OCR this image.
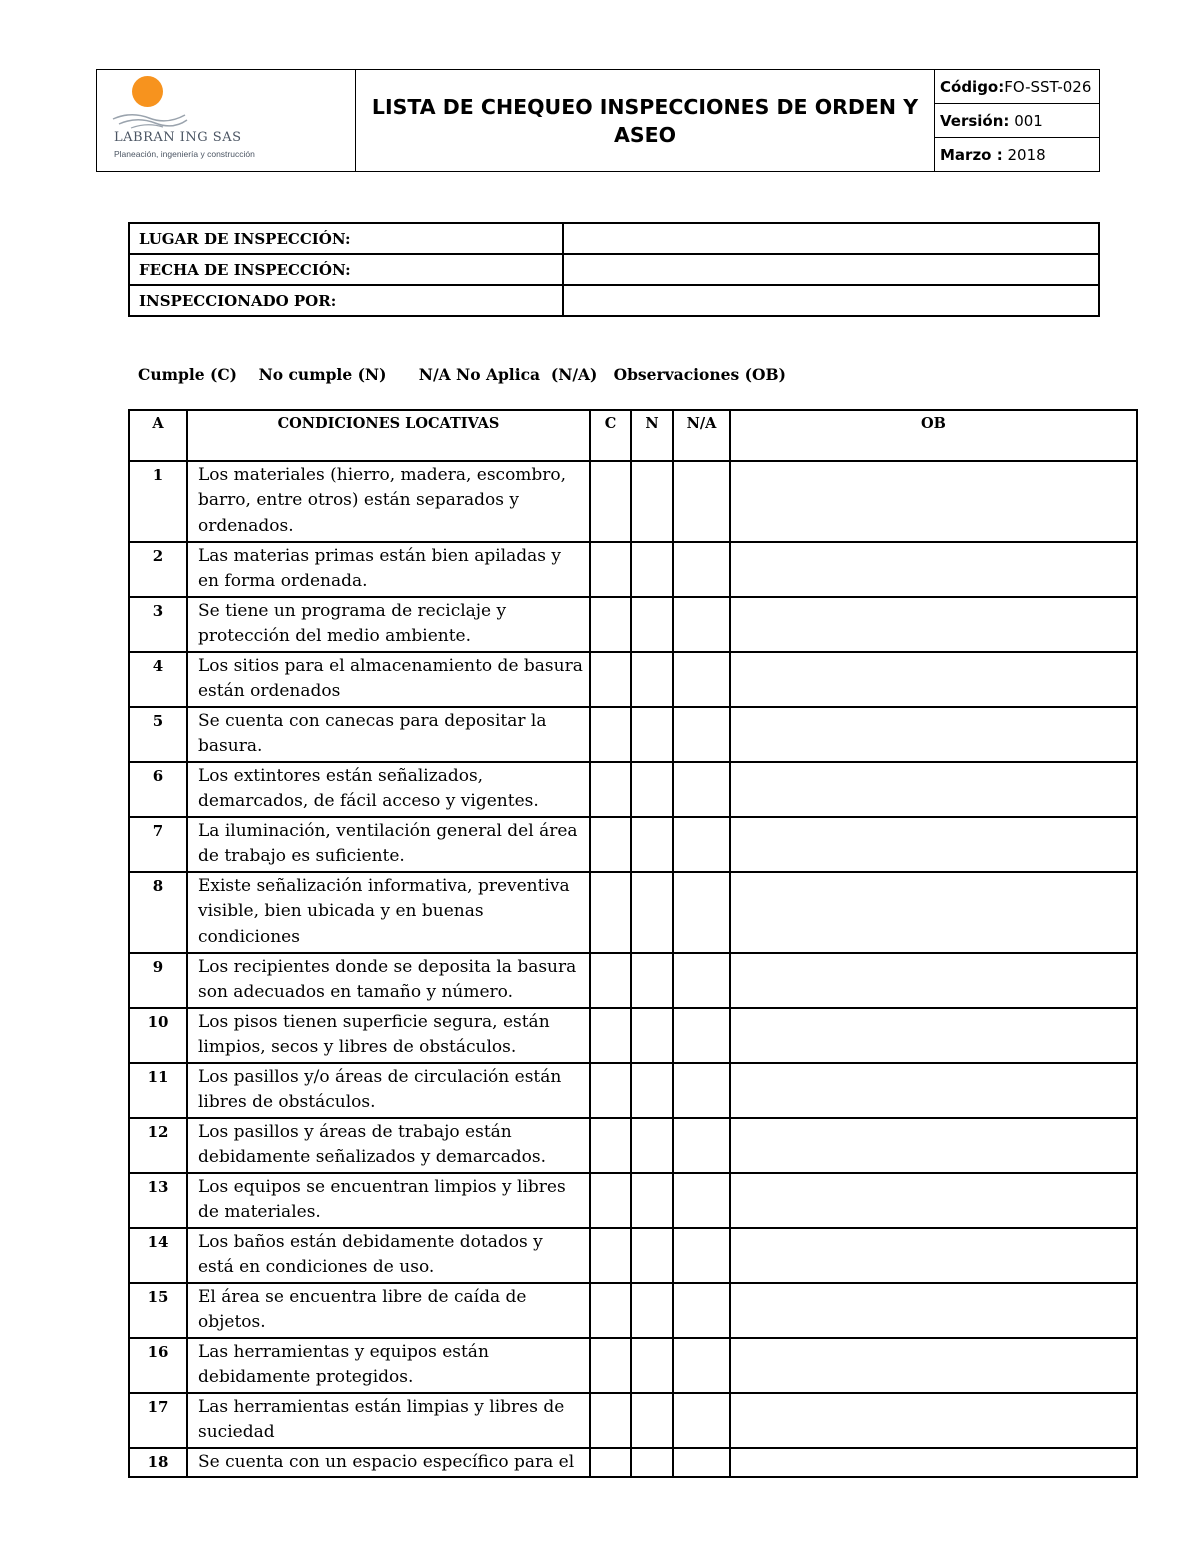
LABRAN ING SAS
Planeación, ingeniería y construcción
LISTA DE CHEQUEO INSPECCIONES DE ORDEN Y ASEO
Código: FO-SST-026
Versión:
001
Marzo :
2018
LUGAR DE INSPECCIÓN:	
FECHA DE INSPECCIÓN:	
INSPECCIONADO POR:	
Cumple (C)    No cumple (N)      N/A No Aplica  (N/A)   Observaciones (OB)
A	CONDICIONES LOCATIVAS	C	N	N/A	OB
1	Los materiales (hierro, madera, escombro, barro, entre otros) están separados y ordenados.				
2	Las materias primas están bien apiladas y en forma ordenada.				
3	Se tiene un programa de reciclaje y protección del medio ambiente.				
4	Los sitios para el almacenamiento de basura están ordenados				
5	Se cuenta con canecas para depositar la basura.				
6	Los extintores están señalizados, demarcados, de fácil acceso y vigentes.				
7	La iluminación, ventilación general del área de trabajo es suficiente.				
8	Existe señalización informativa, preventiva visible, bien ubicada y en buenas condiciones				
9	Los recipientes donde se deposita la basura son adecuados en tamaño y número.				
10	Los pisos tienen superficie segura, están limpios, secos y libres de obstáculos.				
11	Los pasillos y/o áreas de circulación están libres de obstáculos.				
12	Los pasillos y áreas de trabajo están debidamente señalizados y demarcados.				
13	Los equipos se encuentran limpios y libres de materiales.				
14	Los baños están debidamente dotados y está en condiciones de uso.				
15	El área se encuentra libre de caída de objetos.				
16	Las herramientas y equipos están debidamente protegidos.				
17	Las herramientas están limpias y libres de suciedad				
18	Se cuenta con un espacio específico para el				
